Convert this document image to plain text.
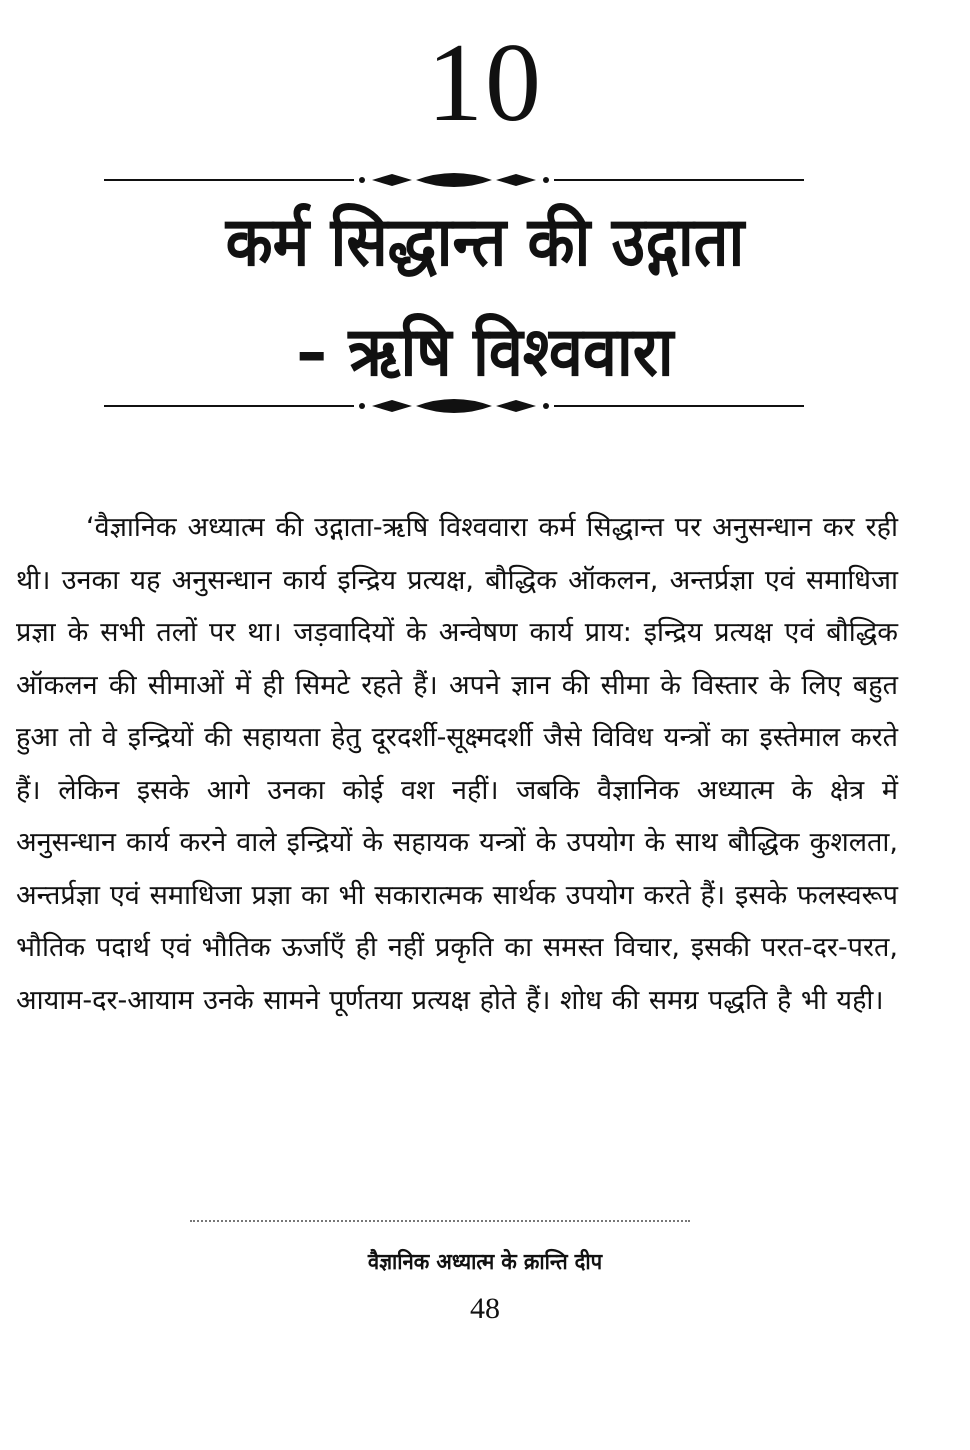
10
कर्म सिद्धान्त की उद्गाता
– ऋषि विश्ववारा

‘वैज्ञानिक अध्यात्म की उद्गाता-ऋषि विश्ववारा कर्म सिद्धान्त पर अनुसन्धान कर रही थी। उनका यह अनुसन्धान कार्य इन्द्रिय प्रत्यक्ष, बौद्धिक ऑकलन, अन्तर्प्रज्ञा एवं समाधिजा प्रज्ञा के सभी तलों पर था। जड़वादियों के अन्वेषण कार्य प्राय: इन्द्रिय प्रत्यक्ष एवं बौद्धिक ऑकलन की सीमाओं में ही सिमटे रहते हैं। अपने ज्ञान की सीमा के विस्तार के लिए बहुत हुआ तो वे इन्द्रियों की सहायता हेतु दूरदर्शी-सूक्ष्मदर्शी जैसे विविध यन्त्रों का इस्तेमाल करते हैं। लेकिन इसके आगे उनका कोई वश नहीं। जबकि वैज्ञानिक अध्यात्म के क्षेत्र में अनुसन्धान कार्य करने वाले इन्द्रियों के सहायक यन्त्रों के उपयोग के साथ बौद्धिक कुशलता, अन्तर्प्रज्ञा एवं समाधिजा प्रज्ञा का भी सकारात्मक सार्थक उपयोग करते हैं। इसके फलस्वरूप भौतिक पदार्थ एवं भौतिक ऊर्जाएँ ही नहीं प्रकृति का समस्त विचार, इसकी परत-दर-परत, आयाम-दर-आयाम उनके सामने पूर्णतया प्रत्यक्ष होते हैं। शोध की समग्र पद्धति है भी यही।

वैज्ञानिक अध्यात्म के क्रान्ति दीप
48
